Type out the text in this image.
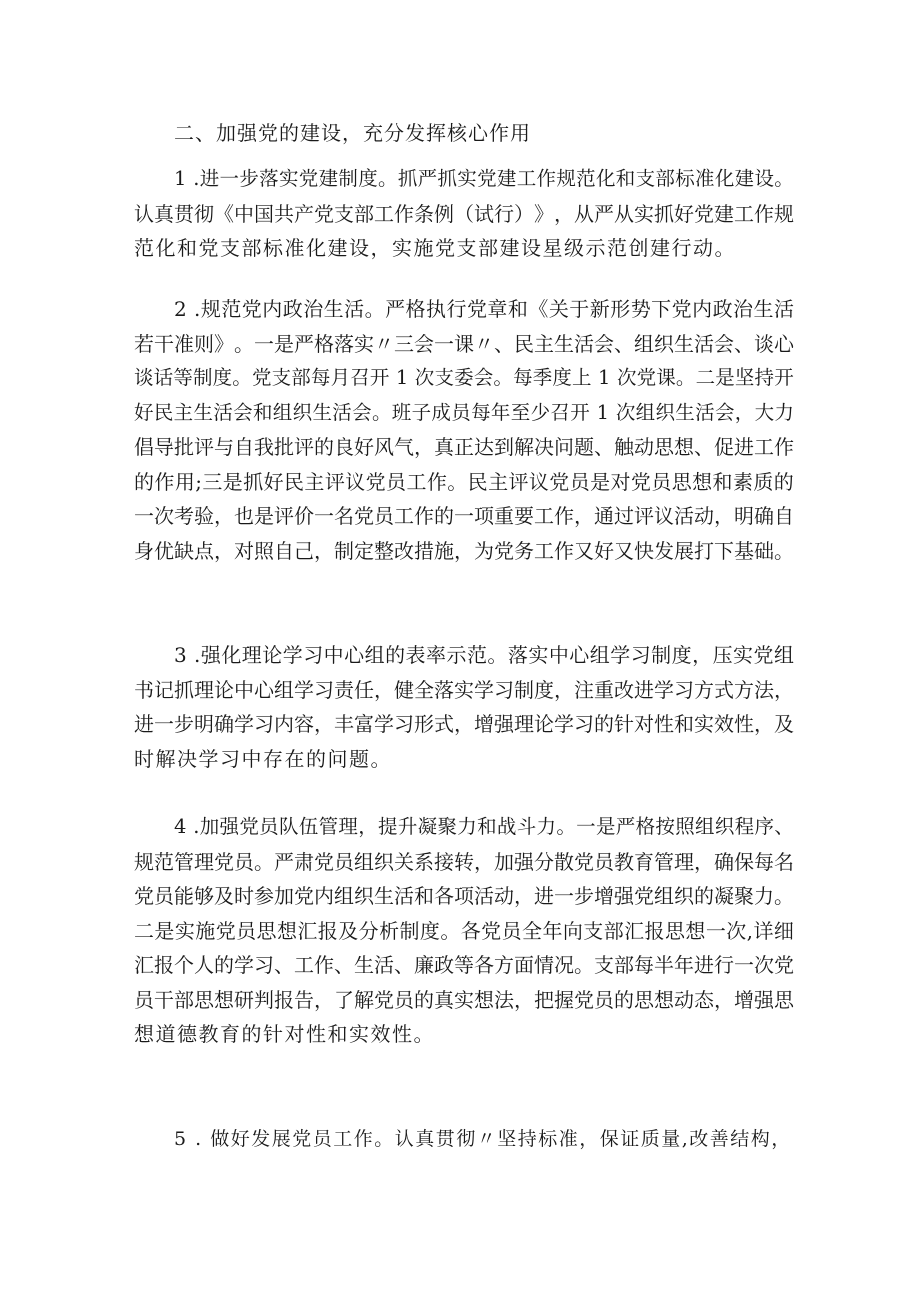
二、加强党的建设，充分发挥核心作用
1
. 进 一 步 落 实 党 建 制 度 。 抓 严 抓 实 党 建 工 作 规 范 化 和 支 部 标 准 化 建 设 。
认 真 贯 彻 《 中 国 共 产 党 支 部 工 作 条 例 （ 试 行 ） 》 ， 从 严 从 实 抓 好 党 建 工 作 规
范化和党支部标准化建设，实施党支部建设星级示范创建行动。
2
. 规 范 党 内 政 治 生 活 。 严 格 执 行 党 章 和 《 关 于 新 形 势 下 党 内 政 治 生 活
若 干 准 则 》 。 一 是 严 格 落 实 〃 三 会 一 课 〃 、 民 主 生 活 会 、 组 织 生 活 会 、 谈 心
谈 话 等 制 度 。 党 支 部 每 月 召 开
1
次 支 委 会 。 每 季 度 上
1
次 党 课 。 二 是 坚 持 开
好 民 主 生 活 会 和 组 织 生 活 会 。 班 子 成 员 每 年 至 少 召 开
1
次 组 织 生 活 会 ， 大 力
倡 导 批 评 与 自 我 批 评 的 良 好 风 气 ， 真 正 达 到 解 决 问 题 、 触 动 思 想 、 促 进 工 作
的 作 用 ; 三 是 抓 好 民 主 评 议 党 员 工 作 。 民 主 评 议 党 员 是 对 党 员 思 想 和 素 质 的
一 次 考 验 ， 也 是 评 价 一 名 党 员 工 作 的 一 项 重 要 工 作 ， 通 过 评 议 活 动 ， 明 确 自
身 优 缺 点 ， 对 照 自 己 ， 制 定 整 改 措 施 ， 为 党 务 工 作 又 好 又 快 发 展 打 下 基 础 。
3
. 强 化 理 论 学 习 中 心 组 的 表 率 示 范 。 落 实 中 心 组 学 习 制 度 ， 压 实 党 组
书 记 抓 理 论 中 心 组 学 习 责 任 ， 健 全 落 实 学 习 制 度 ， 注 重 改 进 学 习 方 式 方 法 ，
进 一 步 明 确 学 习 内 容 ， 丰 富 学 习 形 式 ， 增 强 理 论 学 习 的 针 对 性 和 实 效 性 ， 及
时解决学习中存在的问题。
4
. 加 强 党 员 队 伍 管 理 ， 提 升 凝 聚 力 和 战 斗 力 。 一 是 严 格 按 照 组 织 程 序 、
规 范 管 理 党 员 。 严 肃 党 员 组 织 关 系 接 转 ， 加 强 分 散 党 员 教 育 管 理 ， 确 保 每 名
党 员 能 够 及 时 参 加 党 内 组 织 生 活 和 各 项 活 动 ， 进 一 步 增 强 党 组 织 的 凝 聚 力 。
二 是 实 施 党 员 思 想 汇 报 及 分 析 制 度 。 各 党 员 全 年 向 支 部 汇 报 思 想 一 次 , 详 细
汇 报 个 人 的 学 习 、 工 作 、 生 活 、 廉 政 等 各 方 面 情 况 。 支 部 每 半 年 进 行 一 次 党
员 干 部 思 想 研 判 报 告 ， 了 解 党 员 的 真 实 想 法 ， 把 握 党 员 的 思 想 动 态 ， 增 强 思
想道德教育的针对性和实效性。
5 . 做好发展党员工作。认真贯彻〃坚持标准，保证质量,改善结构，
